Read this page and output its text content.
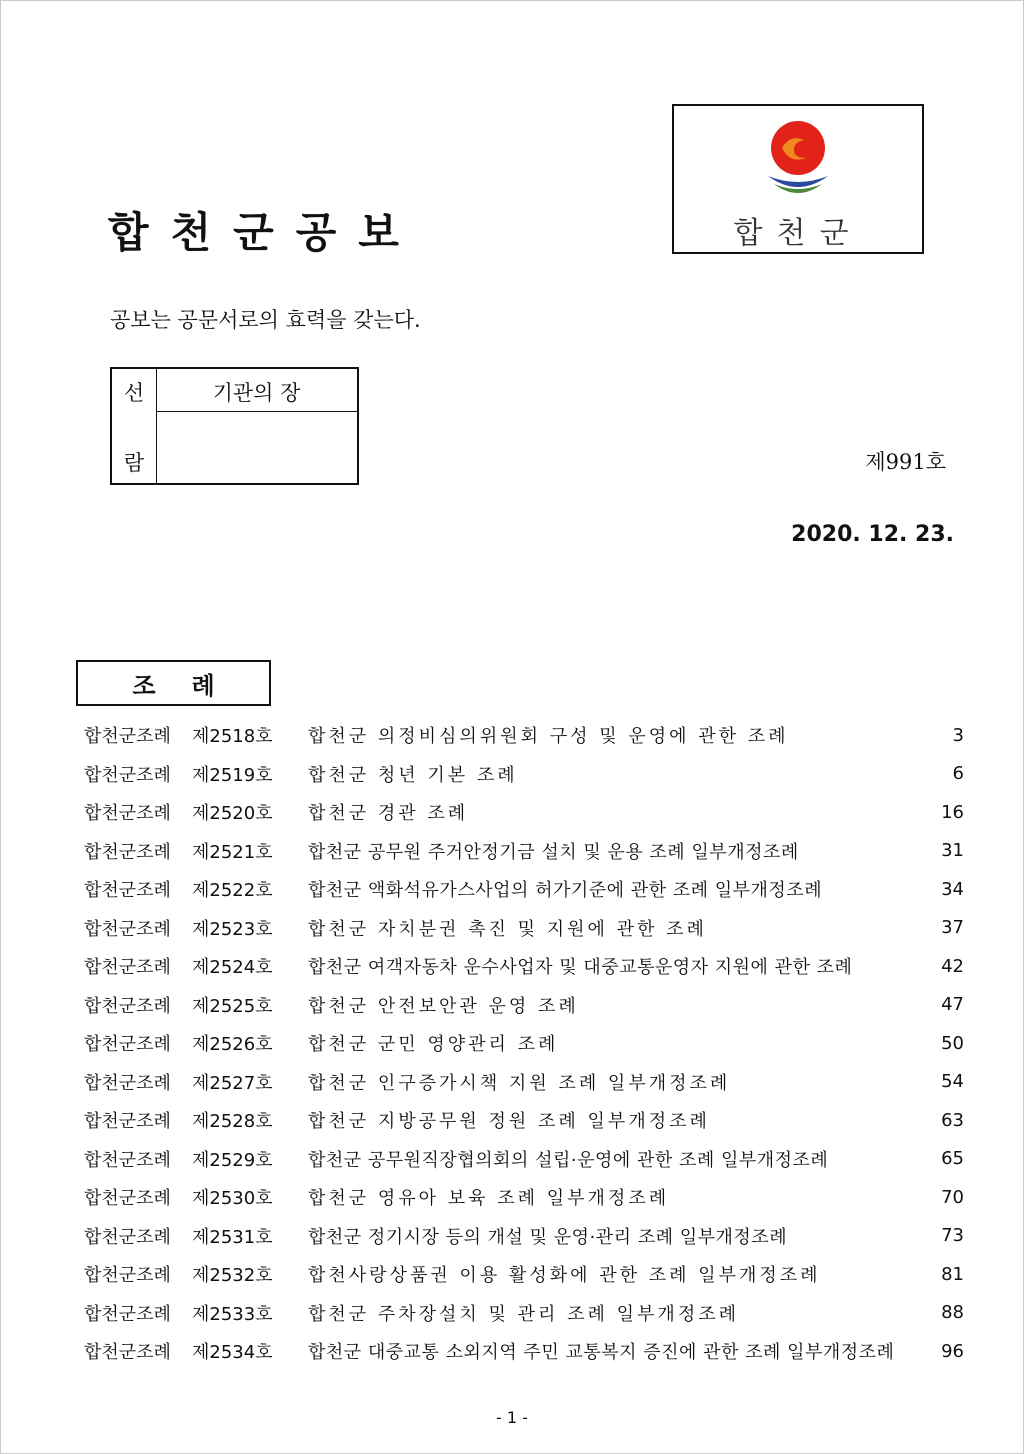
합천군공보	합천군
공보는 공문서로의 효력을 갖는다.
선
람
기관의 장
제991호
2020. 12. 23.
조례
합천군조례	제2518호	합천군 의정비심의위원회 구성 및 운영에 관한 조례	3
합천군조례	제2519호	합천군 청년 기본 조례	6
합천군조례	제2520호	합천군 경관 조례	16
합천군조례	제2521호	합천군 공무원 주거안정기금 설치 및 운용 조례 일부개정조례	31
합천군조례	제2522호	합천군 액화석유가스사업의 허가기준에 관한 조례 일부개정조례	34
합천군조례	제2523호	합천군 자치분권 촉진 및 지원에 관한 조례	37
합천군조례	제2524호	합천군 여객자동차 운수사업자 및 대중교통운영자 지원에 관한 조례	42
합천군조례	제2525호	합천군 안전보안관 운영 조례	47
합천군조례	제2526호	합천군 군민 영양관리 조례	50
합천군조례	제2527호	합천군 인구증가시책 지원 조례 일부개정조례	54
합천군조례	제2528호	합천군 지방공무원 정원 조례 일부개정조례	63
합천군조례	제2529호	합천군 공무원직장협의회의 설립·운영에 관한 조례 일부개정조례	65
합천군조례	제2530호	합천군 영유아 보육 조례 일부개정조례	70
합천군조례	제2531호	합천군 정기시장 등의 개설 및 운영·관리 조례 일부개정조례	73
합천군조례	제2532호	합천사랑상품권 이용 활성화에 관한 조례 일부개정조례	81
합천군조례	제2533호	합천군 주차장설치 및 관리 조례 일부개정조례	88
합천군조례	제2534호	합천군 대중교통 소외지역 주민 교통복지 증진에 관한 조례 일부개정조례	96
- 1 -
